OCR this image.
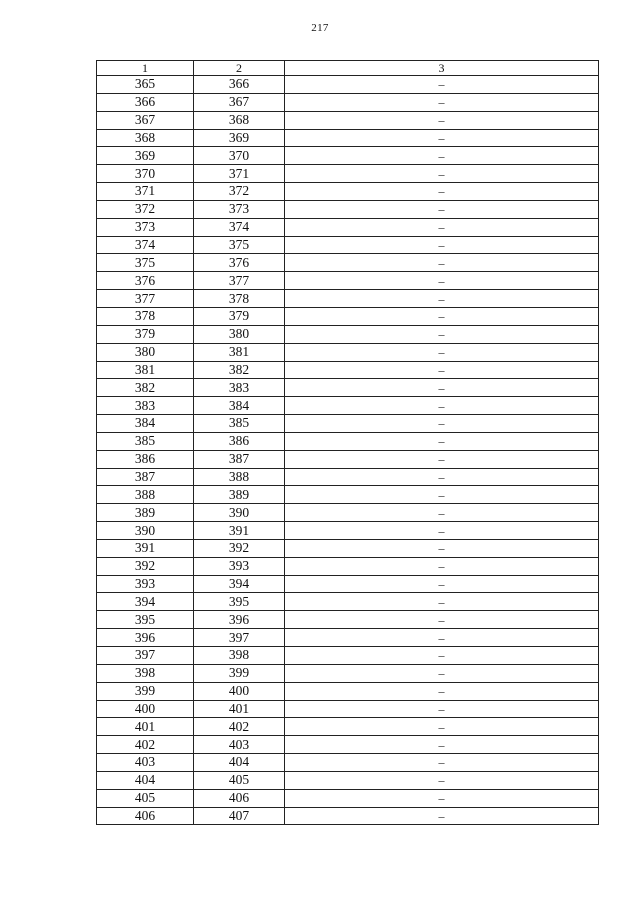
217
1	2	3
365	366	–
366	367	–
367	368	–
368	369	–
369	370	–
370	371	–
371	372	–
372	373	–
373	374	–
374	375	–
375	376	–
376	377	–
377	378	–
378	379	–
379	380	–
380	381	–
381	382	–
382	383	–
383	384	–
384	385	–
385	386	–
386	387	–
387	388	–
388	389	–
389	390	–
390	391	–
391	392	–
392	393	–
393	394	–
394	395	–
395	396	–
396	397	–
397	398	–
398	399	–
399	400	–
400	401	–
401	402	–
402	403	–
403	404	–
404	405	–
405	406	–
406	407	–
